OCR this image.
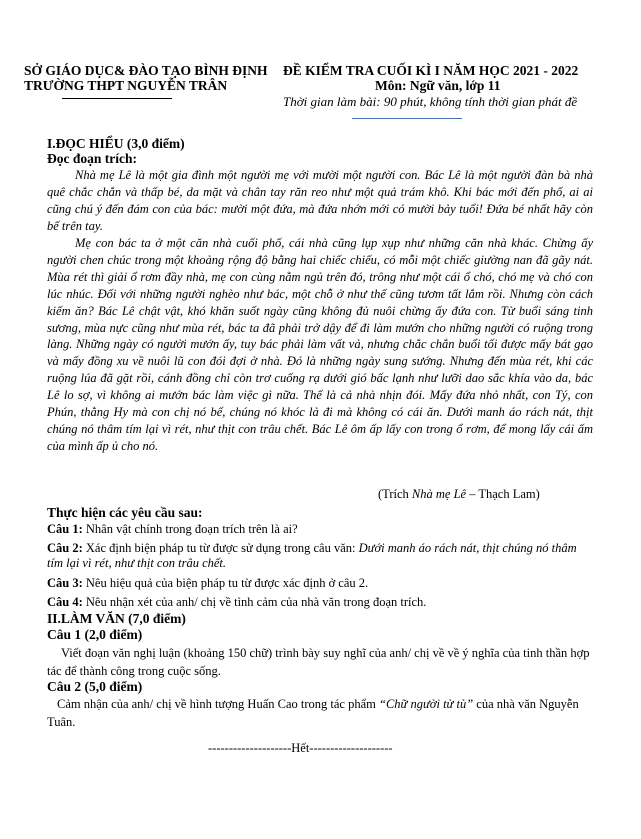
SỞ GIÁO DỤC& ĐÀO TẠO BÌNH ĐỊNH
TRƯỜNG THPT NGUYỄN TRÂN
ĐỀ KIỂM TRA CUỐI KÌ I NĂM HỌC 2021 - 2022
Môn: Ngữ văn, lớp 11
Thời gian làm bài: 90 phút, không tính thời gian phát đề
I.ĐỌC HIỂU (3,0 điểm)
Đọc đoạn trích:
Nhà mẹ Lê là một gia đình một người mẹ với mười một người con. Bác Lê là một người đàn bà nhà quê chắc chắn và thấp bé, da mặt và chân tay răn reo như một quả trám khô. Khi bác mới đến phố, ai ai cũng chú ý đến đám con của bác: mười một đứa, mà đứa nhớn mới có mười bảy tuổi! Đứa bé nhất hãy còn bế trên tay.
Mẹ con bác ta ở một căn nhà cuối phố, cái nhà cũng lụp xụp như những căn nhà khác. Chừng ấy người chen chúc trong một khoảng rộng độ bằng hai chiếc chiếu, có mỗi một chiếc giường nan đã gãy nát. Mùa rét thì giải ổ rơm đầy nhà, mẹ con cùng nằm ngủ trên đó, trông như một cái ổ chó, chó mẹ và chó con lúc nhúc. Đối với những người nghèo như bác, một chỗ ở như thế cũng tươm tất lắm rồi. Nhưng còn cách kiếm ăn? Bác Lê chật vật, khó khăn suốt ngày cũng không đủ nuôi chừng ấy đứa con. Từ buổi sáng tinh sương, mùa nực cũng như mùa rét, bác ta đã phải trở dậy để đi làm mướn cho những người có ruộng trong làng. Những ngày có người mướn ấy, tuy bác phải làm vất vả, nhưng chắc chắn buổi tối được mấy bát gạo và mấy đồng xu về nuôi lũ con đói đợi ở nhà. Đó là những ngày sung sướng. Nhưng đến mùa rét, khi các ruộng lúa đã gặt rồi, cánh đồng chỉ còn trơ cuống rạ dưới gió bấc lạnh như lưỡi dao sắc khía vào da, bác Lê lo sợ, vì không ai mướn bác làm việc gì nữa. Thế là cả nhà nhịn đói. Mấy đứa nhỏ nhất, con Tý, con Phún, thằng Hy mà con chị nó bế, chúng nó khóc lả đi mà không có cái ăn. Dưới manh áo rách nát, thịt chúng nó thâm tím lại vì rét, như thịt con trâu chết. Bác Lê ôm ấp lấy con trong ổ rơm, để mong lấy cái ấm của mình ấp ủ cho nó.
(Trích Nhà mẹ Lê – Thạch Lam)
Thực hiện các yêu cầu sau:
Câu 1: Nhân vật chính trong đoạn trích trên là ai?
Câu 2: Xác định biện pháp tu từ được sử dụng trong câu văn: Dưới manh áo rách nát, thịt chúng nó thâm tím lại vì rét, như thịt con trâu chết.
Câu 3: Nêu hiệu quả của biện pháp tu từ được xác định ở câu 2.
Câu 4: Nêu nhận xét của anh/ chị về tình cảm của nhà văn trong đoạn trích.
II.LÀM VĂN (7,0 điểm)
Câu 1 (2,0 điểm)
Viết đoạn văn nghị luận (khoảng 150 chữ) trình bày suy nghĩ của anh/ chị về về ý nghĩa của tinh thần hợp tác để thành công trong cuộc sống.
Câu 2 (5,0 điểm)
Cảm nhận của anh/ chị về hình tượng Huấn Cao trong tác phẩm “Chữ người tử tù” của nhà văn Nguyễn Tuân.
--------------------Hết--------------------
